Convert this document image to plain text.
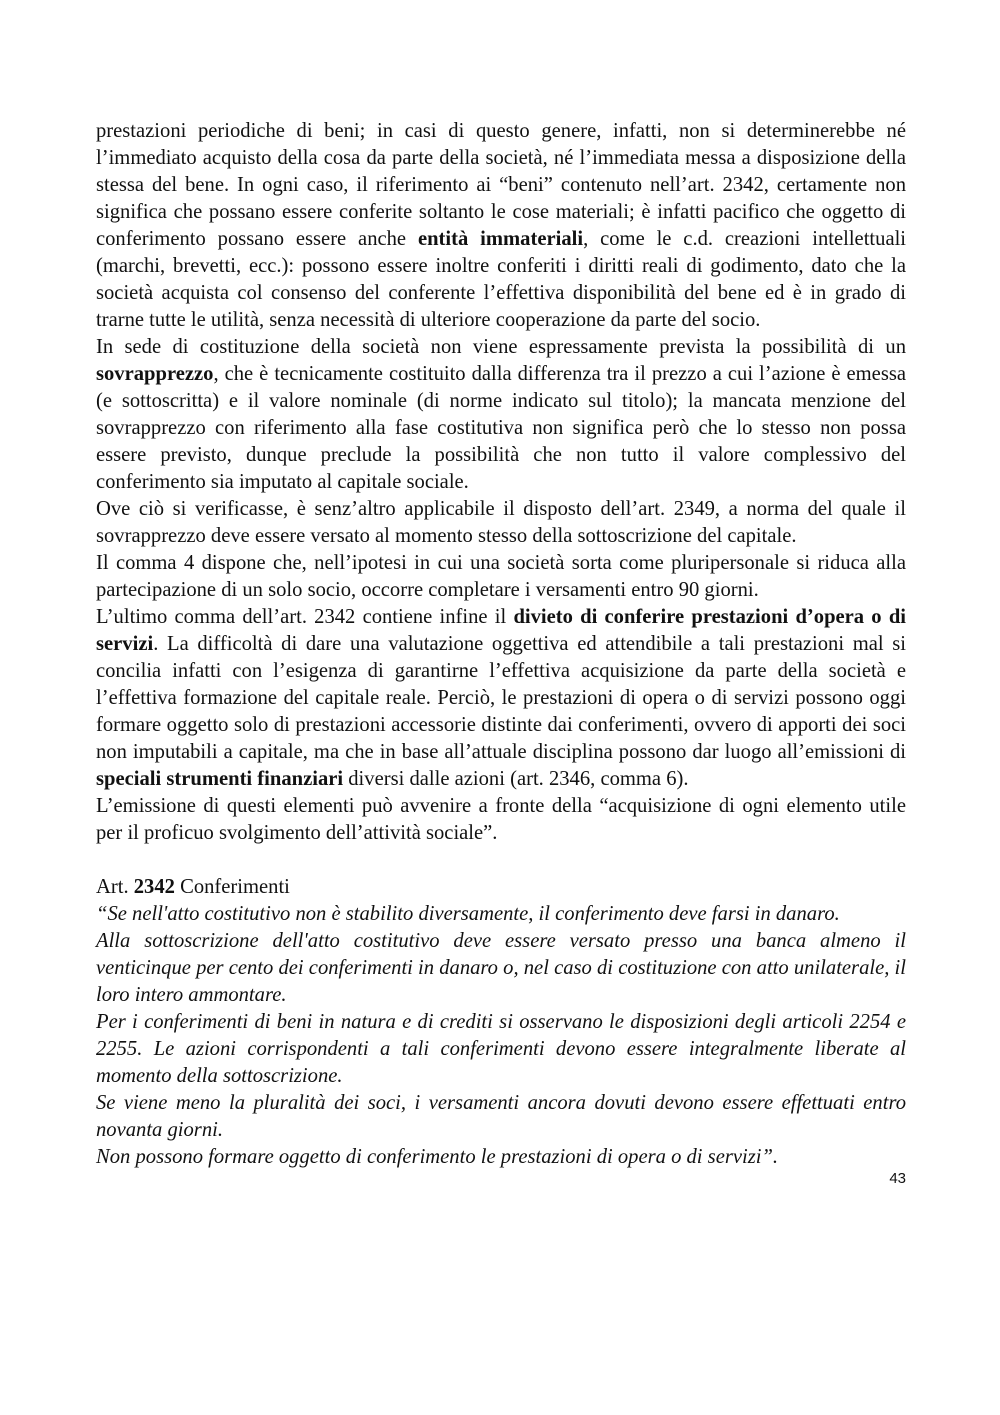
prestazioni periodiche di beni; in casi di questo genere, infatti, non si determinerebbe né l’immediato acquisto della cosa da parte della società, né l’immediata messa a disposizione della stessa del bene. In ogni caso, il riferimento ai “beni” contenuto nell’art. 2342, certamente non significa che possano essere conferite soltanto le cose materiali; è infatti pacifico che oggetto di conferimento possano essere anche entità immateriali, come le c.d. creazioni intellettuali (marchi, brevetti, ecc.): possono essere inoltre conferiti i diritti reali di godimento, dato che la società acquista col consenso del conferente l’effettiva disponibilità del bene ed è in grado di trarne tutte le utilità, senza necessità di ulteriore cooperazione da parte del socio.

In sede di costituzione della società non viene espressamente prevista la possibilità di un sovrapprezzo, che è tecnicamente costituito dalla differenza tra il prezzo a cui l’azione è emessa (e sottoscritta) e il valore nominale (di norme indicato sul titolo); la mancata menzione del sovrapprezzo con riferimento alla fase costitutiva non significa però che lo stesso non possa essere previsto, dunque preclude la possibilità che non tutto il valore complessivo del conferimento sia imputato al capitale sociale.

Ove ciò si verificasse, è senz’altro applicabile il disposto dell’art. 2349, a norma del quale il sovrapprezzo deve essere versato al momento stesso della sottoscrizione del capitale.

Il comma 4 dispone che, nell’ipotesi in cui una società sorta come pluripersonale si riduca alla partecipazione di un solo socio, occorre completare i versamenti entro 90 giorni.

L’ultimo comma dell’art. 2342 contiene infine il divieto di conferire prestazioni d’opera o di servizi. La difficoltà di dare una valutazione oggettiva ed attendibile a tali prestazioni mal si concilia infatti con l’esigenza di garantirne l’effettiva acquisizione da parte della società e l’effettiva formazione del capitale reale. Perciò, le prestazioni di opera o di servizi possono oggi formare oggetto solo di prestazioni accessorie distinte dai conferimenti, ovvero di apporti dei soci non imputabili a capitale, ma che in base all’attuale disciplina possono dar luogo all’emissioni di speciali strumenti finanziari diversi dalle azioni (art. 2346, comma 6).

L’emissione di questi elementi può avvenire a fronte della “acquisizione di ogni elemento utile per il proficuo svolgimento dell’attività sociale”.

Art. 2342 Conferimenti

“Se nell'atto costitutivo non è stabilito diversamente, il conferimento deve farsi in danaro.

Alla sottoscrizione dell'atto costitutivo deve essere versato presso una banca almeno il venticinque per cento dei conferimenti in danaro o, nel caso di costituzione con atto unilaterale, il loro intero ammontare.

Per i conferimenti di beni in natura e di crediti si osservano le disposizioni degli articoli 2254 e 2255. Le azioni corrispondenti a tali conferimenti devono essere integralmente liberate al momento della sottoscrizione.

Se viene meno la pluralità dei soci, i versamenti ancora dovuti devono essere effettuati entro novanta giorni.

Non possono formare oggetto di conferimento le prestazioni di opera o di servizi”.

43
